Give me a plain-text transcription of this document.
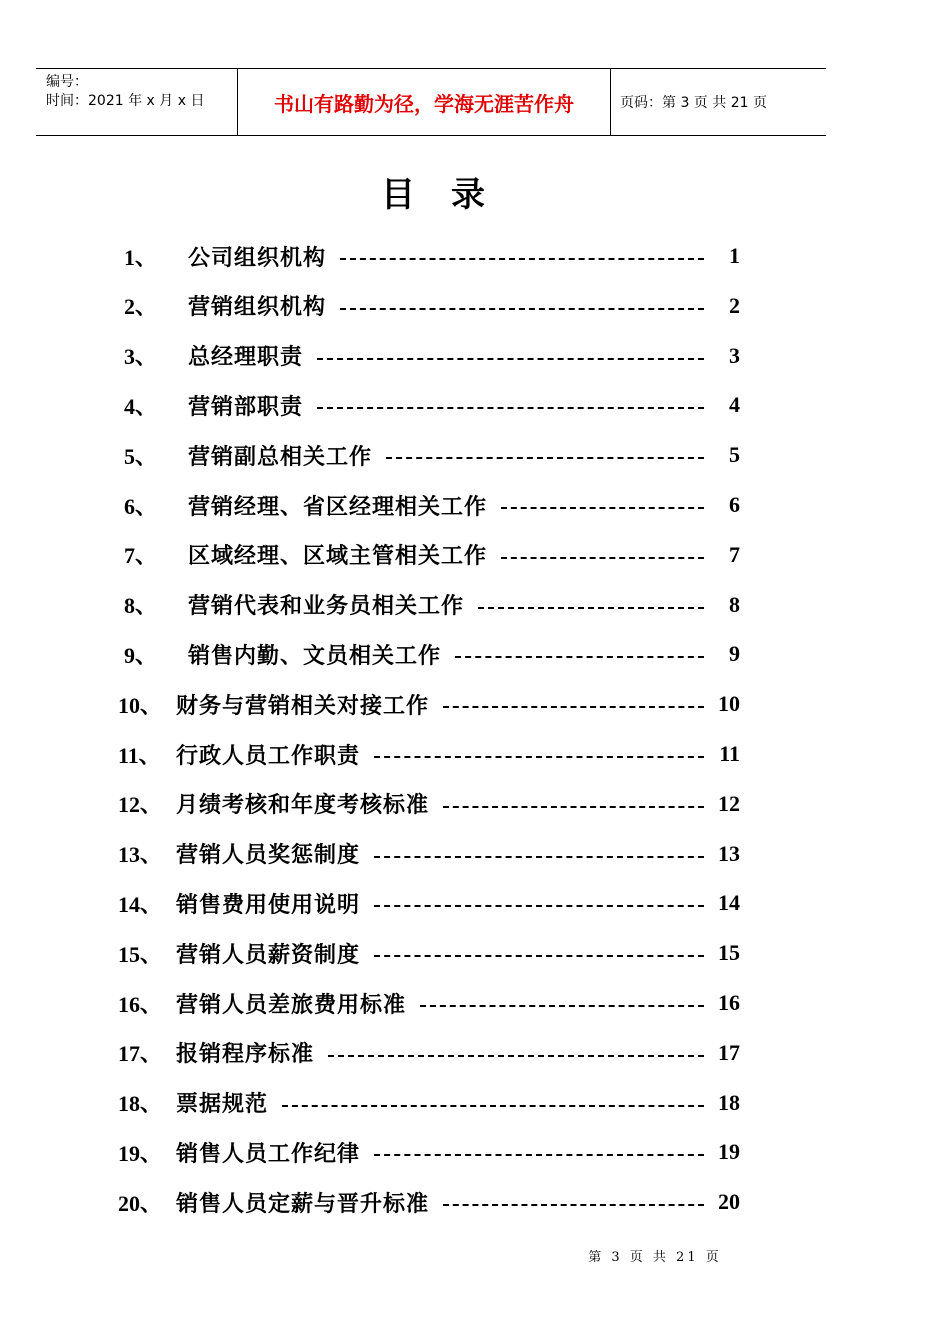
编号：
时间：2021 年 x 月 x 日	书山有路勤为径，学海无涯苦作舟	页码：第 3 页 共 21 页
目录
1、	公司组织机构	1
2、	营销组织机构	2
3、	总经理职责	3
4、	营销部职责	4
5、	营销副总相关工作	5
6、	营销经理、省区经理相关工作	6
7、	区域经理、区域主管相关工作	7
8、	营销代表和业务员相关工作	8
9、	销售内勤、文员相关工作	9
10、 财务与营销相关对接工作	10
11、 行政人员工作职责	11
12、 月绩考核和年度考核标准	12
13、 营销人员奖惩制度	13
14、 销售费用使用说明	14
15、 营销人员薪资制度	15
16、 营销人员差旅费用标准	16
17、 报销程序标准	17
18、 票据规范	18
19、 销售人员工作纪律	19
20、 销售人员定薪与晋升标准	20
第 3 页 共 21 页
